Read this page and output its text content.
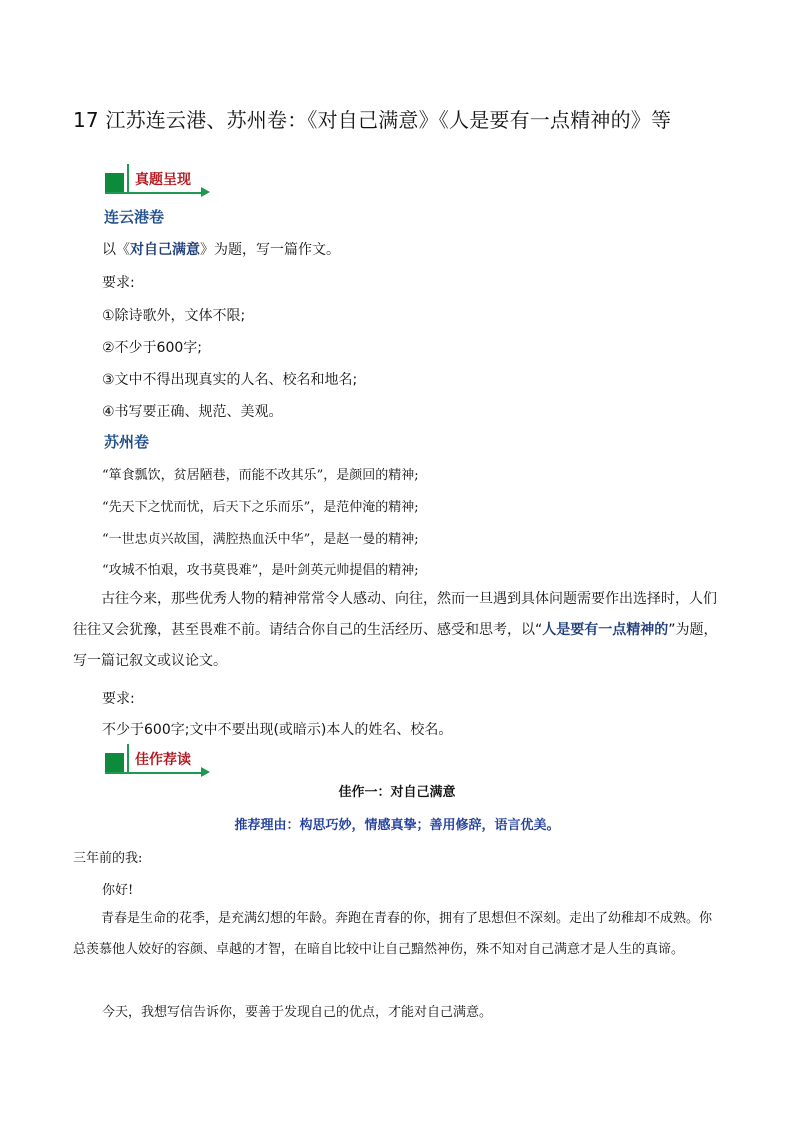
17 江苏连云港、苏州卷：《对自己满意》《人是要有一点精神的》等
真题呈现
连云港卷
以《对自己满意》为题，写一篇作文。
要求:
①除诗歌外，文体不限;
②不少于600字;
③文中不得出现真实的人名、校名和地名;
④书写要正确、规范、美观。
苏州卷
“箪食瓢饮，贫居陋巷，而能不改其乐”，是颜回的精神;
“先天下之忧而忧，后天下之乐而乐”，是范仲淹的精神;
“一世忠贞兴故国，满腔热血沃中华”，是赵一曼的精神;
“攻城不怕艰，攻书莫畏难”，是叶剑英元帅提倡的精神;
古往今来，那些优秀人物的精神常常令人感动、向往，然而一旦遇到具体问题需要作出选择时，人们往往又会犹豫，甚至畏难不前。请结合你自己的生活经历、感受和思考，以“人是要有一点精神的”为题，写一篇记叙文或议论文。
要求:
不少于600字;文中不要出现(或暗示)本人的姓名、校名。
佳作荐读
佳作一：对自己满意
推荐理由：构思巧妙，情感真挚；善用修辞，语言优美。
三年前的我:
你好!
青春是生命的花季，是充满幻想的年龄。奔跑在青春的你，拥有了思想但不深刻。走出了幼稚却不成熟。你总羡慕他人姣好的容颜、卓越的才智，在暗自比较中让自己黯然神伤，殊不知对自己满意才是人生的真谛。
今天，我想写信告诉你，要善于发现自己的优点，才能对自己满意。
